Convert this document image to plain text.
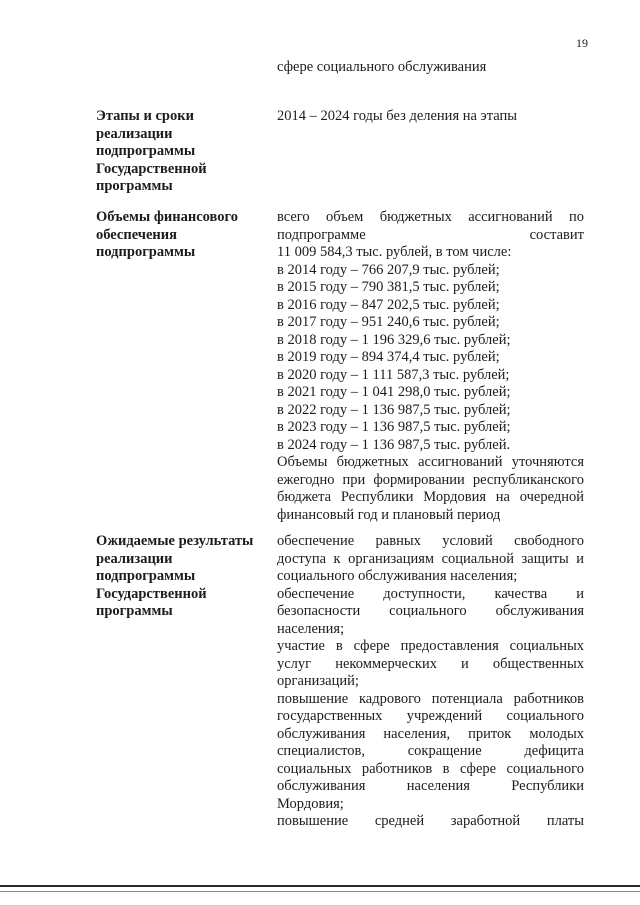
19
сфере социального обслуживания
Этапы и сроки
реализации
подпрограммы
Государственной
программы
2014 – 2024 годы без деления на этапы
Объемы финансового
обеспечения
подпрограммы
всего объем бюджетных ассигнований по
подпрограмме составит
11 009 584,3 тыс. рублей, в том числе:
в 2014 году – 766 207,9 тыс. рублей;
в 2015 году – 790 381,5 тыс. рублей;
в 2016 году – 847 202,5 тыс. рублей;
в 2017 году – 951 240,6 тыс. рублей;
в 2018 году – 1 196 329,6 тыс. рублей;
в 2019 году – 894 374,4 тыс. рублей;
в 2020 году – 1 111 587,3 тыс. рублей;
в 2021 году – 1 041 298,0 тыс. рублей;
в 2022 году – 1 136 987,5 тыс. рублей;
в 2023 году – 1 136 987,5 тыс. рублей;
в 2024 году – 1 136 987,5 тыс. рублей.
Объемы бюджетных ассигнований уточняются
ежегодно при формировании республиканского
бюджета Республики Мордовия на очередной
финансовый год и плановый период
Ожидаемые результаты
реализации
подпрограммы
Государственной
программы
обеспечение равных условий свободного
доступа к организациям социальной защиты и
социального обслуживания населения;
обеспечение доступности, качества и
безопасности социального обслуживания
населения;
участие в сфере предоставления социальных
услуг некоммерческих и общественных
организаций;
повышение кадрового потенциала работников
государственных учреждений социального
обслуживания населения, приток молодых
специалистов, сокращение дефицита
социальных работников в сфере социального
обслуживания населения Республики
Мордовия;
повышение средней заработной платы
